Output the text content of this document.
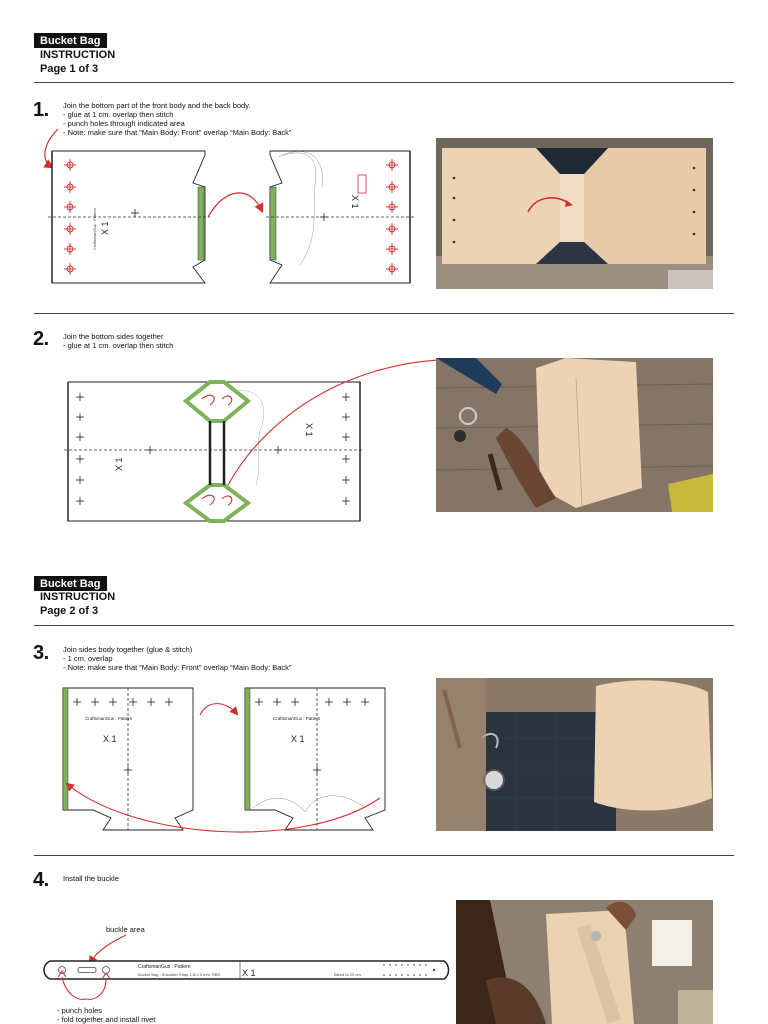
Bucket Bag
INSTRUCTION
Page 1 of 3
1. Join the bottom part of the front body and the back body.
- glue at 1 cm. overlap then stitch
- punch holes through indicated area
- Note: make sure that “Main Body: Front” overlap “Main Body: Back”
X 1
CraftsmanGus : Pattern
X 1
2. Join the bottom sides together
- glue at 1 cm. overlap then stitch
X 1
X 1
Bucket Bag
INSTRUCTION
Page 2 of 3
3. Join sides body together (glue & stitch)
- 1 cm. overlap
- Note: make sure that “Main Body: Front” overlap “Main Body: Back”
CraftsmanGus : Pattern
X 1
CraftsmanGus : Pattern
X 1
4. Install the buckle
buckle area
CraftsmanGus : Pattern
Bucket Bag : Shoulder Strap 1.8-2.0 mm. RBC X 1	Bleed to 20 cm.
- punch holes
- fold together and install rivet
